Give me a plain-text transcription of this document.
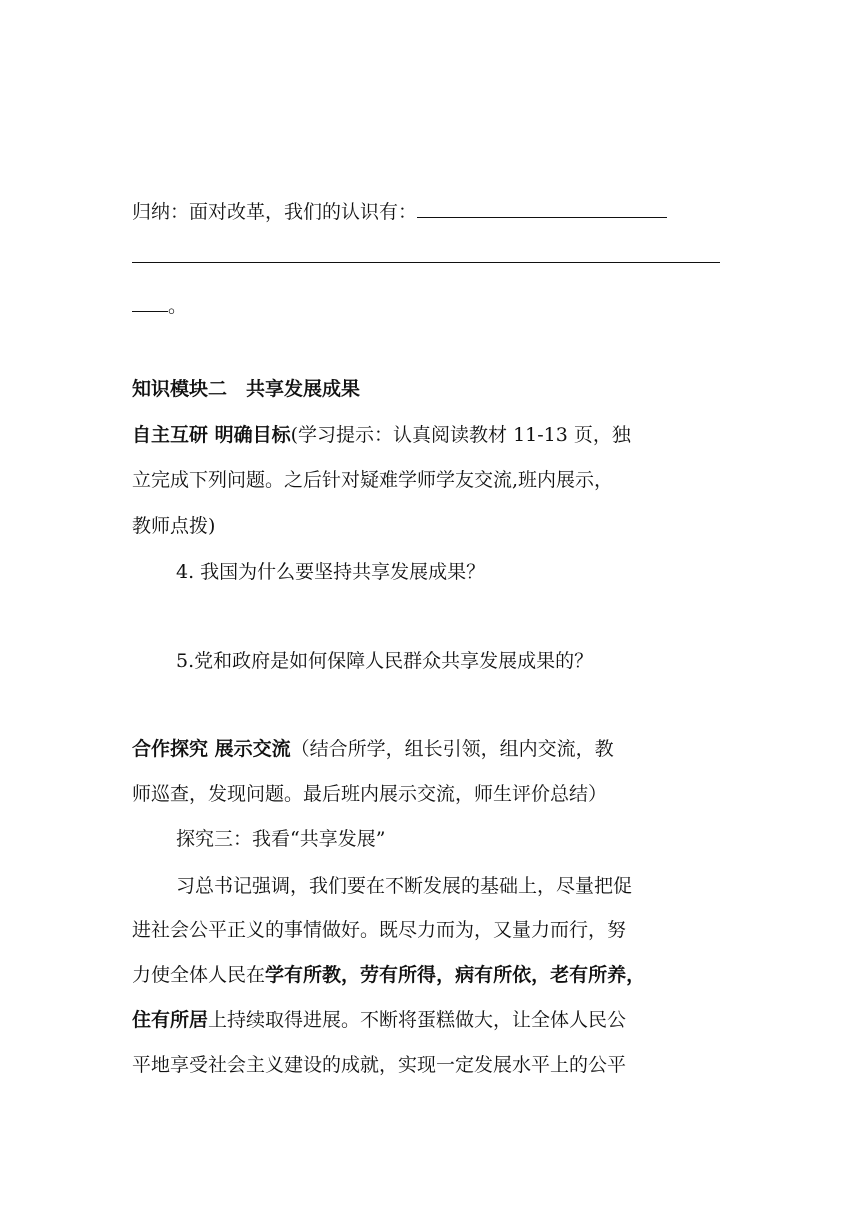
归纳：面对改革，我们的认识有：
。
知识模块二　共享发展成果
自主互研 明确目标(学习提示：认真阅读教材 11-13 页，独
立完成下列问题。之后针对疑难学师学友交流,班内展示，
教师点拨)
4. 我国为什么要坚持共享发展成果？
5.党和政府是如何保障人民群众共享发展成果的？
合作探究 展示交流（结合所学，组长引领，组内交流，教
师巡查，发现问题。最后班内展示交流，师生评价总结）
探究三：我看“共享发展”
习总书记强调，我们要在不断发展的基础上，尽量把促
进社会公平正义的事情做好。既尽力而为，又量力而行，努
力使全体人民在学有所教，劳有所得，病有所依，老有所养，
住有所居上持续取得进展。不断将蛋糕做大，让全体人民公
平地享受社会主义建设的成就，实现一定发展水平上的公平
